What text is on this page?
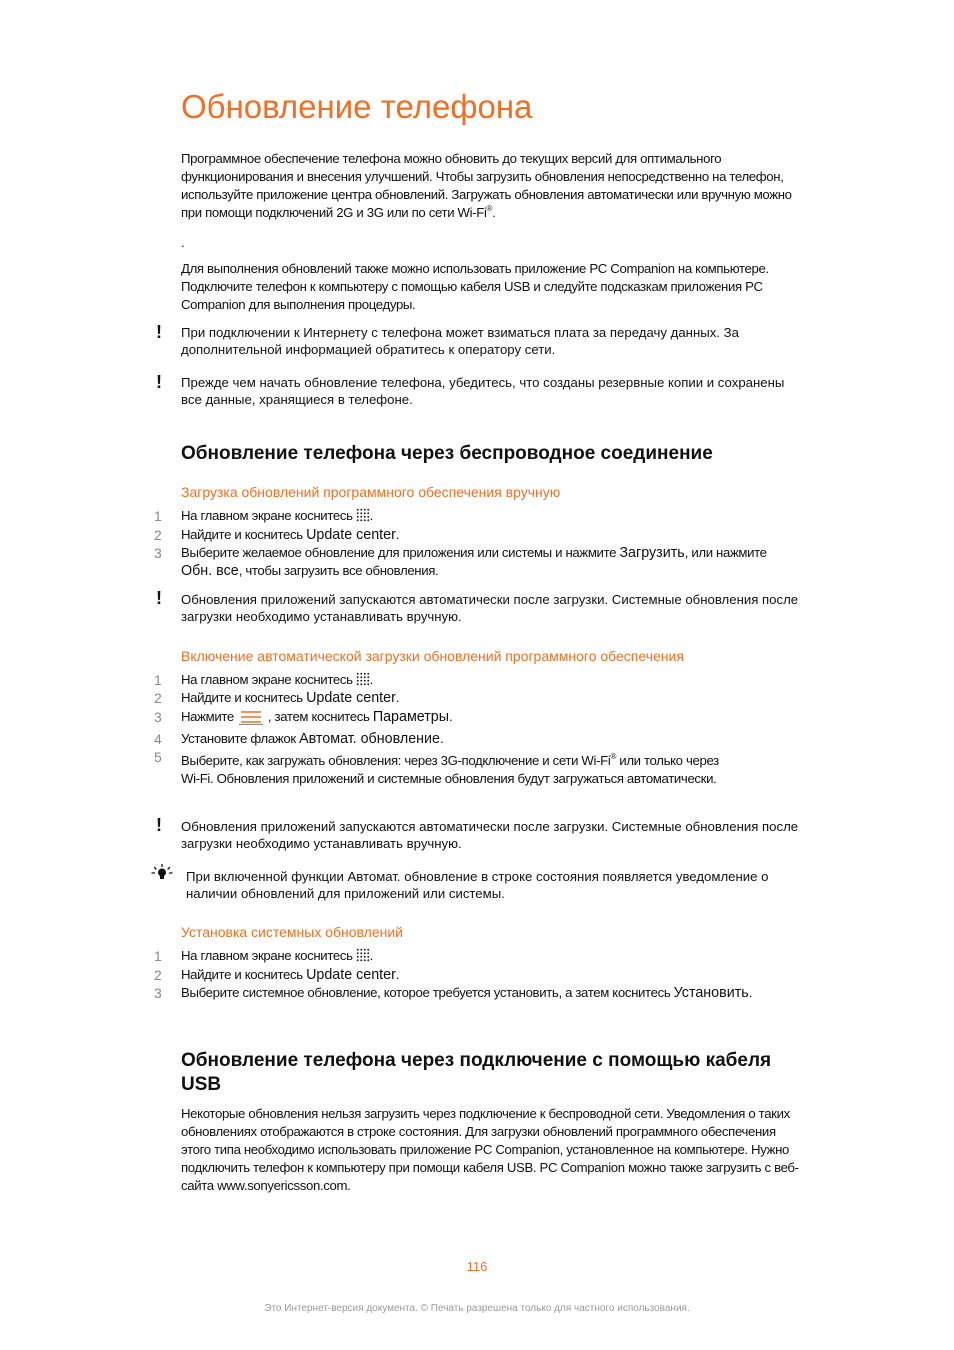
Обновление телефона

Программное обеспечение телефона можно обновить до текущих версий для оптимального функционирования и внесения улучшений. Чтобы загрузить обновления непосредственно на телефон, используйте приложение центра обновлений. Загружать обновления автоматически или вручную можно при помощи подключений 2G и 3G или по сети Wi-Fi®.

.
Для выполнения обновлений также можно использовать приложение PC Companion на компьютере. Подключите телефон к компьютеру с помощью кабеля USB и следуйте подсказкам приложения PC Companion для выполнения процедуры.
! При подключении к Интернету с телефона может взиматься плата за передачу данных. За дополнительной информацией обратитесь к оператору сети.
! Прежде чем начать обновление телефона, убедитесь, что созданы резервные копии и сохранены все данные, хранящиеся в телефоне.
Обновление телефона через беспроводное соединение
Загрузка обновлений программного обеспечения вручную
1	На главном экране коснитесь .
2	Найдите и коснитесь Update center.
3	Выберите желаемое обновление для приложения или системы и нажмите Загрузить, или нажмите Обн. все, чтобы загрузить все обновления.
! Обновления приложений запускаются автоматически после загрузки. Системные обновления после загрузки необходимо устанавливать вручную.
Включение автоматической загрузки обновлений программного обеспечения
1	На главном экране коснитесь .
2	Найдите и коснитесь Update center.
3	Нажмите	, затем коснитесь Параметры.
4	Установите флажок Автомат. обновление.
5	Выберите, как загружать обновления: через 3G-подключение и сети Wi-Fi® или только через Wi-Fi. Обновления приложений и системные обновления будут загружаться автоматически.
! Обновления приложений запускаются автоматически после загрузки. Системные обновления после загрузки необходимо устанавливать вручную.
При включенной функции Автомат. обновление в строке состояния появляется уведомление о наличии обновлений для приложений или системы.
Установка системных обновлений
1	На главном экране коснитесь .
2	Найдите и коснитесь Update center.
3	Выберите системное обновление, которое требуется установить, а затем коснитесь Установить.
Обновление телефона через подключение с помощью кабеля USB
Некоторые обновления нельзя загрузить через подключение к беспроводной сети. Уведомления о таких обновлениях отображаются в строке состояния. Для загрузки обновлений программного обеспечения этого типа необходимо использовать приложение PC Companion, установленное на компьютере. Нужно подключить телефон к компьютеру при помощи кабеля USB. PC Companion можно также загрузить с веб-сайта www.sonyericsson.com.
116
Это Интернет-версия документа. © Печать разрешена только для частного использования.
